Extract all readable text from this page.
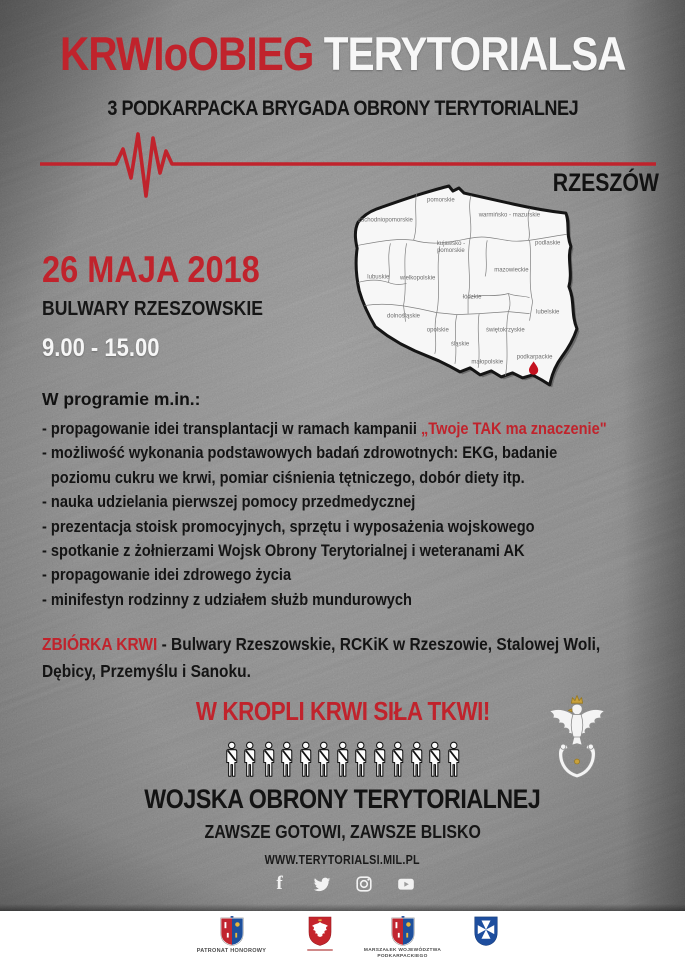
KRWIoOBIEG TERYTORIALSA
3 PODKARPACKA BRYGADA OBRONY TERYTORIALNEJ
RZESZÓW
zachodniopomorskie
pomorskie
warmińsko - mazurskie
podlaskie
kujawsko - pomorskie
mazowieckie
lubuskie wielkopolskie
łódzkie
lubelskie
dolnośląskie
opolskie	świętokrzyskie
śląskie
małopolskie
podkarpackie
26 MAJA 2018
BULWARY RZESZOWSKIE
9.00 - 15.00
W programie m.in.:
- propagowanie idei transplantacji w ramach kampanii „Twoje TAK ma znaczenie"
- możliwość wykonania podstawowych badań zdrowotnych: EKG, badanie
poziomu cukru we krwi, pomiar ciśnienia tętniczego, dobór diety itp.
- nauka udzielania pierwszej pomocy przedmedycznej
- prezentacja stoisk promocyjnych, sprzętu i wyposażenia wojskowego
- spotkanie z żołnierzami Wojsk Obrony Terytorialnej i weteranami AK
- propagowanie idei zdrowego życia
- minifestyn rodzinny z udziałem służb mundurowych
ZBIÓRKA KRWI - Bulwary Rzeszowskie, RCKiK w Rzeszowie, Stalowej Woli,
Dębicy, Przemyślu i Sanoku.
W KROPLI KRWI SIŁA TKWI!
WOJSKA OBRONY TERYTORIALNEJ
ZAWSZE GOTOWI, ZAWSZE BLISKO
WWW.TERYTORIALSI.MIL.PL
f
PATRONAT HONOROWY	MARSZAŁEK WOJEWÓDZTWA PODKARPACKIEGO
